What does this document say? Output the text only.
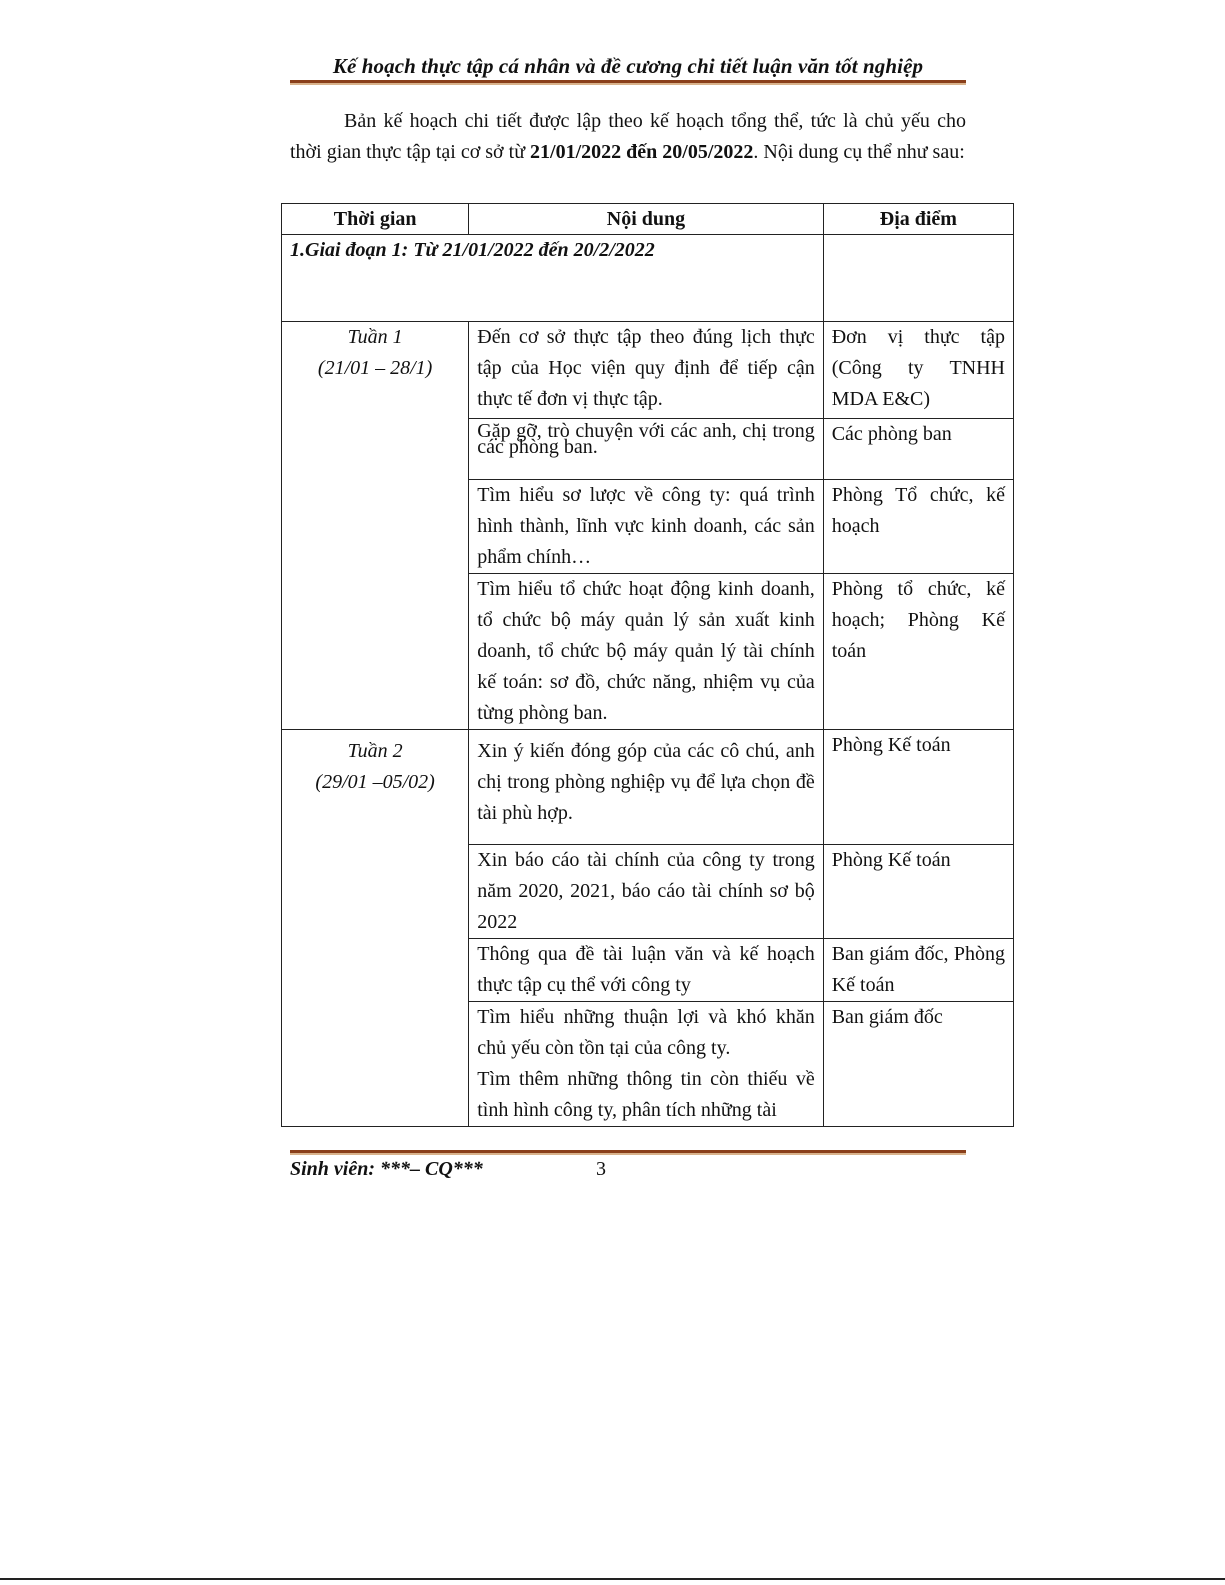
Kế hoạch thực tập cá nhân và đề cương chi tiết luận văn tốt nghiệp
Bản kế hoạch chi tiết được lập theo kế hoạch tổng thể, tức là chủ yếu cho thời gian thực tập tại cơ sở từ 21/01/2022 đến 20/05/2022. Nội dung cụ thể như sau:
Thời gian	Nội dung	Địa điểm
1.Giai đoạn 1: Từ 21/01/2022 đến 20/2/2022		

Tuần 1
(21/01 – 28/1)	Đến cơ sở thực tập theo đúng lịch thực tập của Học viện quy định để tiếp cận thực tế đơn vị thực tập.	Đơn vị thực tập (Công ty TNHH MDA E&C)
	Gặp gỡ, trò chuyện với các anh, chị trong các phòng ban.	Các phòng ban
	Tìm hiểu sơ lược về công ty: quá trình hình thành, lĩnh vực kinh doanh, các sản phẩm chính…	Phòng Tổ chức, kế hoạch
	Tìm hiểu tổ chức hoạt động kinh doanh, tổ chức bộ máy quản lý sản xuất kinh doanh, tổ chức bộ máy quản lý tài chính kế toán: sơ đồ, chức năng, nhiệm vụ của từng phòng ban.	Phòng tổ chức, kế hoạch; Phòng Kế toán

Tuần 2
(29/01 –05/02)	Xin ý kiến đóng góp của các cô chú, anh chị trong phòng nghiệp vụ để lựa chọn đề tài phù hợp.	Phòng Kế toán
	Xin báo cáo tài chính của công ty trong năm 2020, 2021, báo cáo tài chính sơ bộ 2022	Phòng Kế toán
	Thông qua đề tài luận văn và kế hoạch thực tập cụ thể với công ty	Ban giám đốc, Phòng Kế toán

	Tìm hiểu những thuận lợi và khó khăn chủ yếu còn tồn tại của công ty.
Tìm thêm những thông tin còn thiếu về tình hình công ty, phân tích những tài	Ban giám đốc
Sinh viên: ***– CQ***	3
